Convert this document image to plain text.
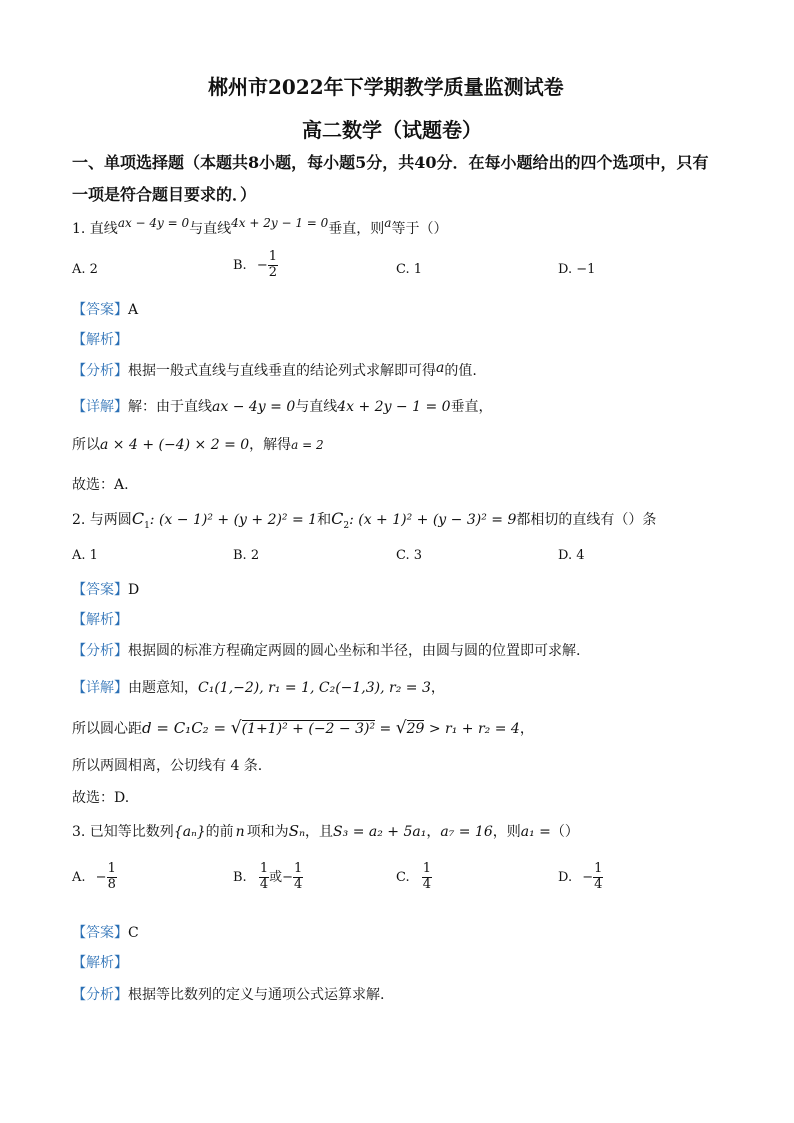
郴州市2022年下学期教学质量监测试卷
高二数学（试题卷）
一、单项选择题（本题共8小题，每小题5分，共40分．在每小题给出的四个选项中，只有
一项是符合题目要求的．）
1. 直线ax − 4y = 0与直线4x + 2y − 1 = 0垂直，则a等于（）
A. 2	B. − $\frac{1}{2}$	C. 1	D. −1
【答案】A
【解析】
【分析】根据一般式直线与直线垂直的结论列式求解即可得a的值.
【详解】解：由于直线ax − 4y = 0与直线4x + 2y − 1 = 0垂直，
所以a × 4 + (−4) × 2 = 0，解得a = 2
故选：A.
2. 与两圆$C_1$: (x − 1)² + (y + 2)² = 1和$C_2$: (x + 1)² + (y − 3)² = 9都相切的直线有（）条
A. 1	B. 2	C. 3	D. 4
【答案】D
【解析】
【分析】根据圆的标准方程确定两圆的圆心坐标和半径，由圆与圆的位置即可求解.
【详解】由题意知，C₁(1,−2), r₁ = 1, C₂(−1,3), r₂ = 3，
所以圆心距d = C₁C₂ = √(1+1)² + (−2 − 3)² = √29 > r₁ + r₂ = 4，
所以两圆相离，公切线有 4 条.
故选：D.
3. 已知等比数列{aₙ}的前 n 项和为Sₙ，且S₃ = a₂ + 5a₁，a₇ = 16，则a₁ =（）
A. − $\frac{1}{8}$	B. $\frac{1}{4}$ 或− $\frac{1}{4}$	C. $\frac{1}{4}$	D. − $\frac{1}{4}$
【答案】C
【解析】
【分析】根据等比数列的定义与通项公式运算求解.
